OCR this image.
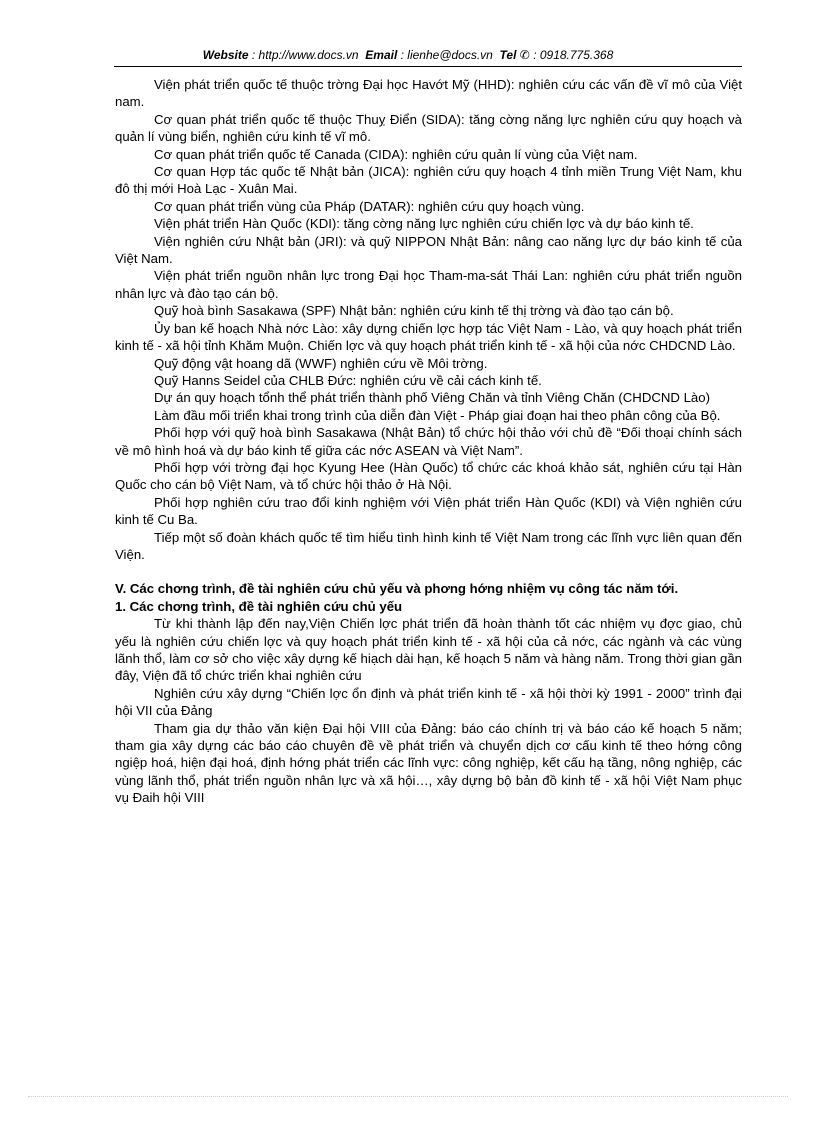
Website : http://www.docs.vn Email : lienhe@docs.vn Tel ✆ : 0918.775.368

Viện phát triển quốc tế thuộc trờng Đại học Havớt Mỹ (HHD): nghiên cứu các vấn đề vĩ mô của Việt nam.

Cơ quan phát triển quốc tế thuộc Thuỵ Điển (SIDA): tăng cờng năng lực nghiên cứu quy hoạch và quản lí vùng biển, nghiên cứu kinh tế vĩ mô.

Cơ quan phát triển quốc tế Canada (CIDA): nghiên cứu quản lí vùng của Việt nam.

Cơ quan Hợp tác quốc tế Nhật bản (JICA): nghiên cứu quy hoạch 4 tỉnh miền Trung Việt Nam, khu đô thị mới Hoà Lạc - Xuân Mai.

Cơ quan phát triển vùng của Pháp (DATAR): nghiên cứu quy hoạch vùng.

Viện phát triển Hàn Quốc (KDI): tăng cờng năng lực nghiên cứu chiến lợc và dự báo kinh tế.

Viện nghiên cứu Nhật bản (JRI): và quỹ NIPPON Nhật Bản: nâng cao năng lực dự báo kinh tế của Việt Nam.

Viện phát triển nguồn nhân lực trong Đại học Tham-ma-sát Thái Lan: nghiên cứu phát triển nguồn nhân lực và đào tạo cán bộ.

Quỹ hoà bình Sasakawa (SPF) Nhật bản: nghiên cứu kinh tế thị trờng và đào tạo cán bộ.

Ủy ban kế hoạch Nhà nớc Lào: xây dựng chiến lợc hợp tác Việt Nam - Lào, và quy hoạch phát triển kinh tế - xã hội tỉnh Khăm Muộn. Chiến lợc và quy hoạch phát triển kinh tế - xã hội của nớc CHDCND Lào.

Quỹ động vật hoang dã (WWF) nghiên cứu về Môi trờng.

Quỹ Hanns Seidel của CHLB Đức: nghiên cứu về cải cách kinh tế.

Dự án quy hoạch tổnh thể phát triển thành phố Viêng Chăn và tỉnh Viêng Chăn (CHDCND Lào)

Làm đầu mối triển khai trong trình của diễn đàn Việt - Pháp giai đoạn hai theo phân công của Bộ.

Phối hợp với quỹ hoà bình Sasakawa (Nhật Bản) tổ chức hội thảo với chủ đề “Đối thoại chính sách về mô hình hoá và dự báo kinh tế giữa các nớc ASEAN và Việt Nam”.

Phối hợp với trờng đại học Kyung Hee (Hàn Quốc) tổ chức các khoá khảo sát, nghiên cứu tại Hàn Quốc cho cán bộ Việt Nam, và tổ chức hội thảo ở Hà Nội.

Phối hợp nghiên cứu trao đổi kinh nghiệm với Viện phát triển Hàn Quốc (KDI) và Viện nghiên cứu kinh tế Cu Ba.

Tiếp một số đoàn khách quốc tế tìm hiểu tình hình kinh tế Việt Nam trong các lĩnh vực liên quan đến Viện.

V. Các chơng trình, đề tài nghiên cứu chủ yếu và phơng hớng nhiệm vụ công tác năm tới.
1. Các chơng trình, đề tài nghiên cứu chủ yếu

Từ khi thành lập đến nay,Viện Chiến lợc phát triển đã hoàn thành tốt các nhiệm vụ đợc giao, chủ yếu là nghiên cứu chiến lợc và quy hoạch phát triển kinh tế - xã hội của cả nớc, các ngành và các vùng lãnh thổ, làm cơ sở cho việc xây dựng kế hiạch dài hạn, kế hoạch 5 năm và hàng năm. Trong thời gian gần đây, Viện đã tổ chức triển khai nghiên cứu

Nghiên cứu xây dựng “Chiến lợc ổn định và phát triển kinh tế - xã hội thời kỳ 1991 - 2000” trình đại hội VII của Đảng

Tham gia dự thảo văn kiện Đại hội VIII của Đảng: báo cáo chính trị và báo cáo kế hoạch 5 năm; tham gia xây dựng các báo cáo chuyên đề về phát triển và chuyển dịch cơ cấu kinh tế theo hớng công ngiệp hoá, hiện đại hoá, định hớng phát triển các lĩnh vực: công nghiệp, kết cấu hạ tầng, nông nghiệp, các vùng lãnh thổ, phát triển nguồn nhân lực và xã hội…, xây dựng bộ bản đồ kinh tế - xã hội Việt Nam phục vụ Đaih hội VIII
